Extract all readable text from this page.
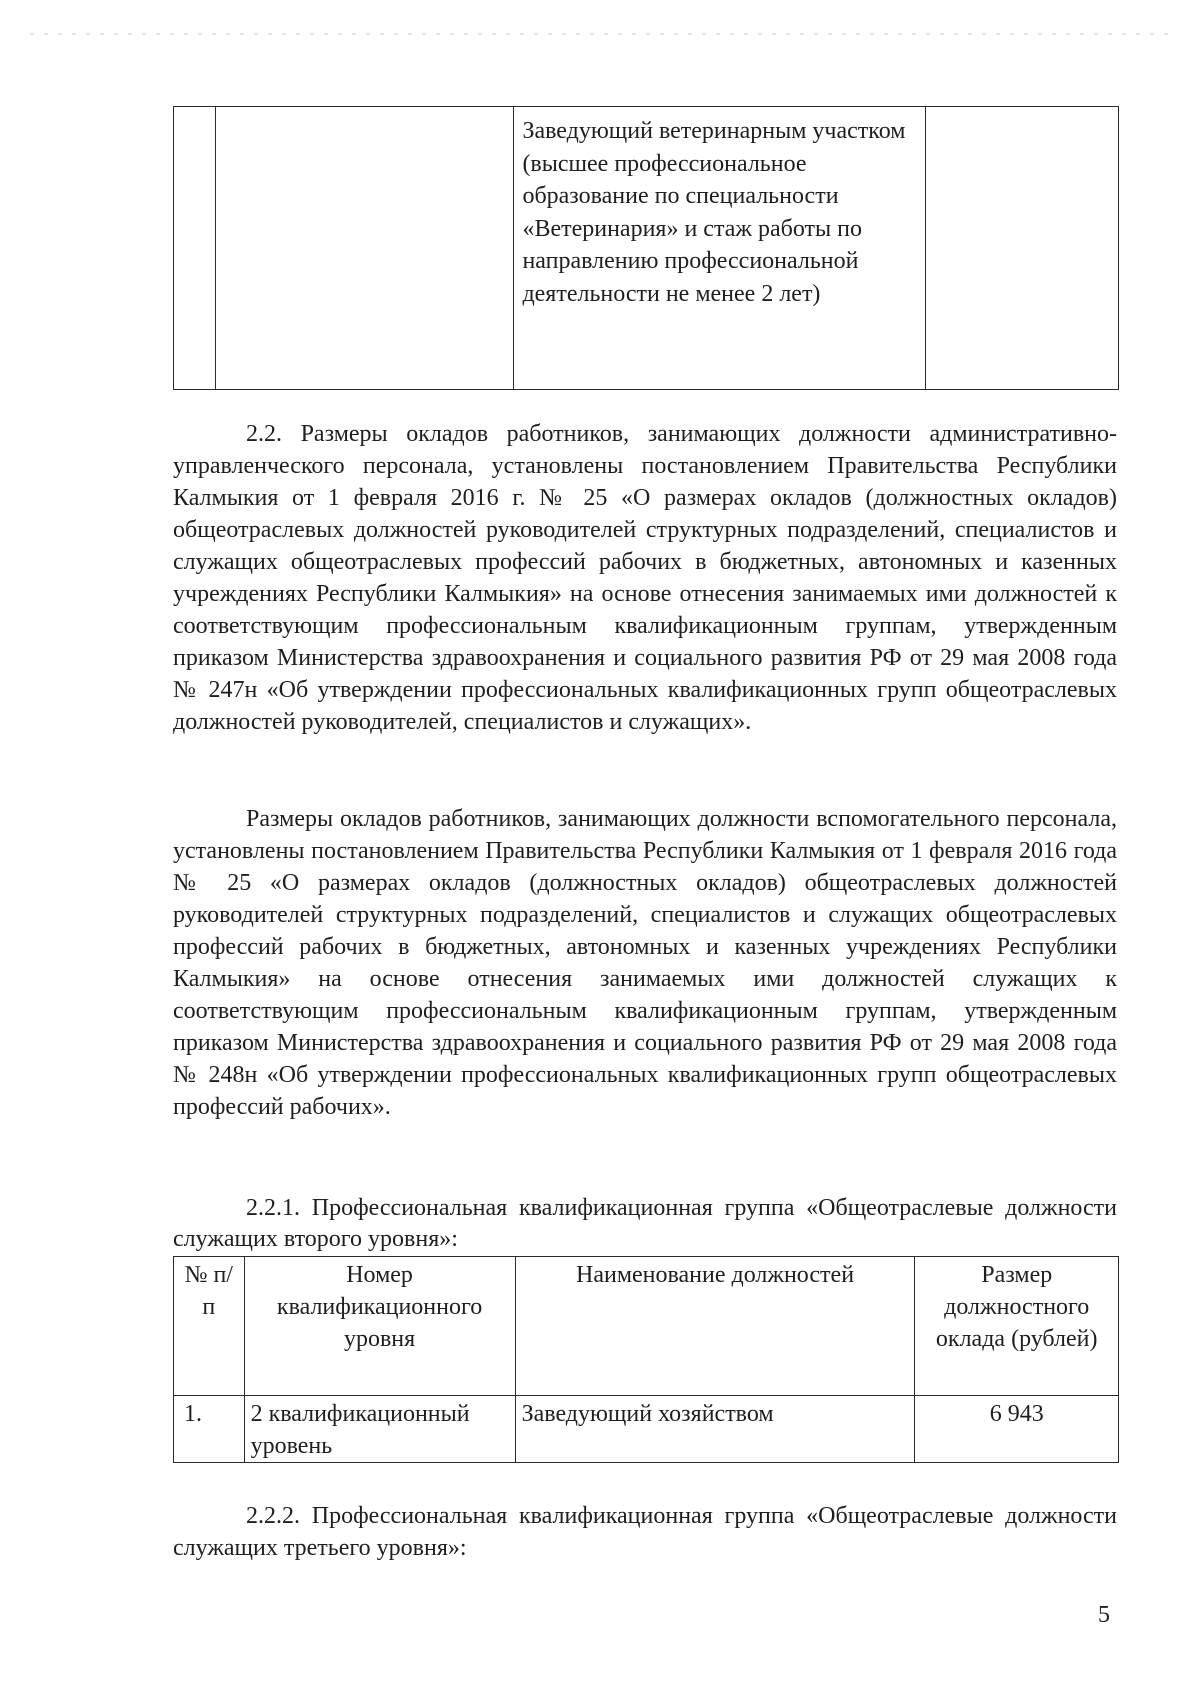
		Заведующий ветеринарным участком (высшее профессиональное образование по специальности «Ветеринария» и стаж работы по направлению профессиональной деятельности не менее 2 лет)	

2.2. Размеры окладов работников, занимающих должности административно-управленческого персонала, установлены постановлением Правительства Республики Калмыкия от 1 февраля 2016 г. № 25 «О размерах окладов (должностных окладов) общеотраслевых должностей руководителей структурных подразделений, специалистов и служащих общеотраслевых профессий рабочих в бюджетных, автономных и казенных учреждениях Республики Калмыкия» на основе отнесения занимаемых ими должностей к соответствующим профессиональным квалификационным группам, утвержденным приказом Министерства здравоохранения и социального развития РФ от 29 мая 2008 года № 247н «Об утверждении профессиональных квалификационных групп общеотраслевых должностей руководителей, специалистов и служащих».

Размеры окладов работников, занимающих должности вспомогательного персонала, установлены постановлением Правительства Республики Калмыкия от 1 февраля 2016 года № 25 «О размерах окладов (должностных окладов) общеотраслевых должностей руководителей структурных подразделений, специалистов и служащих общеотраслевых профессий рабочих в бюджетных, автономных и казенных учреждениях Республики Калмыкия» на основе отнесения занимаемых ими должностей служащих к соответствующим профессиональным квалификационным группам, утвержденным приказом Министерства здравоохранения и социального развития РФ от 29 мая 2008 года № 248н «Об утверждении профессиональных квалификационных групп общеотраслевых профессий рабочих».

2.2.1. Профессиональная квалификационная группа «Общеотраслевые должности служащих второго уровня»:

№ п/п	Номер квалификационного уровня	Наименование должностей	Размер должностного оклада (рублей)
1.	2 квалификационный уровень	Заведующий хозяйством	6 943

2.2.2. Профессиональная квалификационная группа «Общеотраслевые должности служащих третьего уровня»:

5
